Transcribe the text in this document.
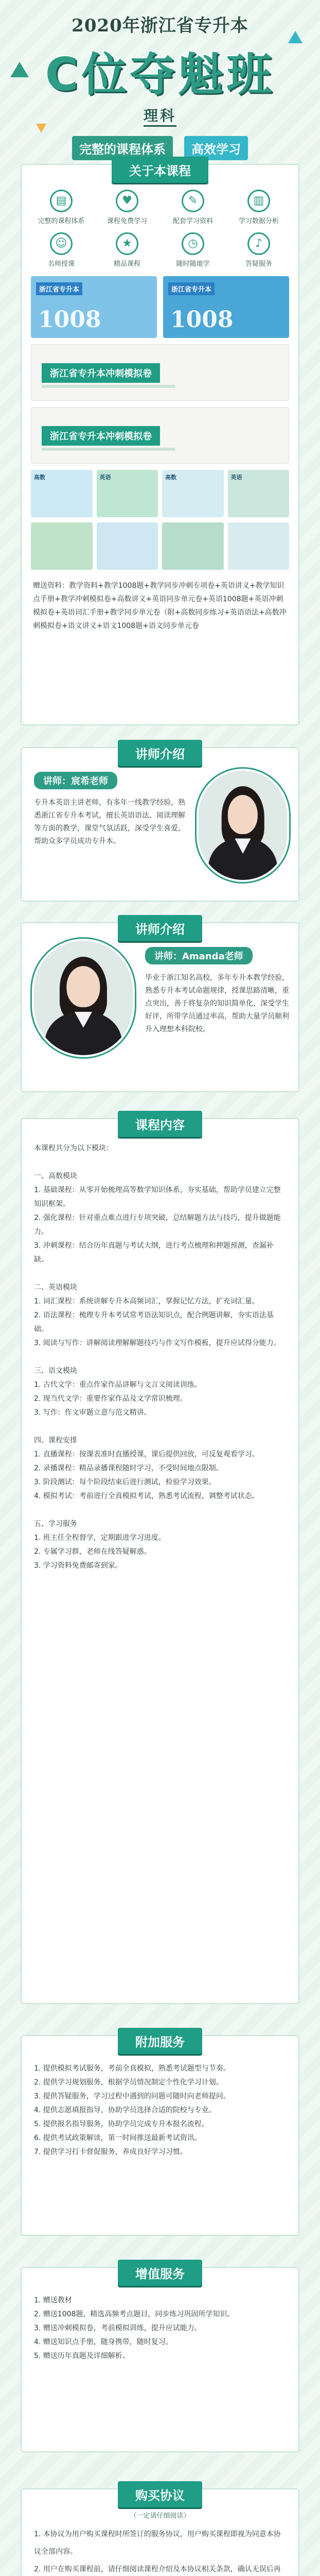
2020年浙江省专升本
C位夺魁班
理科
完整的课程体系	高效学习
▤
完整的课程体系
♥
课程免费学习
✎
配套学习资料
▥
学习数据分析
☺
名师授课
★
精品课程
◷
随时随地学
♪
答疑服务
浙江省专升本
1008
浙江省专升本
1008
浙江省专升本冲刺模拟卷
浙江省专升本冲刺模拟卷
高数	英语	高数	英语
赠送资料：教学资料+教学1008题+教学同步冲刺专项卷+英语讲义+教学知识点手册+教学冲刺模拟卷+高数讲义+英语同步单元卷+英语1008题+英语冲刺模拟卷+英语词汇手册+教学同步单元卷（附+高数同步练习+英语语法+高数冲刺模拟卷+语文讲义+语文1008题+语文同步单元卷
关于本课程
讲师：宸希老师
专升本英语主讲老师，有多年一线教学经验，熟悉浙江省专升本考试，擅长英语语法、阅读理解等方面的教学，课堂气氛活跃，深受学生喜爱，帮助众多学员成功专升本。
讲师介绍
讲师：Amanda老师
毕业于浙江知名高校，多年专升本教学经验，熟悉专升本考试命题规律，授课思路清晰，重点突出，善于将复杂的知识简单化，深受学生好评，所带学员通过率高，帮助大量学员顺利升入理想本科院校。
讲师介绍
本课程共分为以下模块：

一、高数模块
1. 基础课程：从零开始梳理高等数学知识体系，夯实基础，帮助学员建立完整知识框架。
2. 强化课程：针对重点难点进行专项突破，总结解题方法与技巧，提升做题能力。
3. 冲刺课程：结合历年真题与考试大纲，进行考点梳理和押题预测，查漏补缺。

二、英语模块
1. 词汇课程：系统讲解专升本高频词汇，掌握记忆方法，扩充词汇量。
2. 语法课程：梳理专升本考试常考语法知识点，配合例题讲解，夯实语法基础。
3. 阅读与写作：讲解阅读理解解题技巧与作文写作模板，提升应试得分能力。

三、语文模块
1. 古代文学：重点作家作品讲解与文言文阅读训练。
2. 现当代文学：重要作家作品及文学常识梳理。
3. 写作：作文审题立意与范文精讲。

四、课程安排
1. 直播课程：按课表准时直播授课，课后提供回放，可反复观看学习。
2. 录播课程：精品录播课程随时学习，不受时间地点限制。
3. 阶段测试：每个阶段结束后进行测试，检验学习效果。
4. 模拟考试：考前进行全真模拟考试，熟悉考试流程，调整考试状态。

五、学习服务
1. 班主任全程督学，定期跟进学习进度。
2. 专属学习群，老师在线答疑解惑。
3. 学习资料免费邮寄到家。
课程内容
1. 提供模拟考试服务，考前全真模拟，熟悉考试题型与节奏。
2. 提供学习规划服务，根据学员情况制定个性化学习计划。
3. 提供答疑服务，学习过程中遇到的问题可随时向老师提问。
4. 提供志愿填报指导，协助学员选择合适的院校与专业。
5. 提供报名指导服务，协助学员完成专升本报名流程。
6. 提供考试政策解读，第一时间推送最新考试资讯。
7. 提供学习打卡督促服务，养成良好学习习惯。
附加服务
1. 赠送教材
2. 赠送1008题，精选高频考点题目，同步练习巩固所学知识。
3. 赠送冲刺模拟卷，考前模拟训练，提升应试能力。
4. 赠送知识点手册，随身携带，随时复习。
5. 赠送历年真题及详细解析。
增值服务
1. 本协议为用户购买课程时所签订的服务协议，用户购买课程即视为同意本协议全部内容。
2. 用户在购买课程前，请仔细阅读课程介绍及本协议相关条款，确认无误后再

购买协议
（一定请仔细阅读）
